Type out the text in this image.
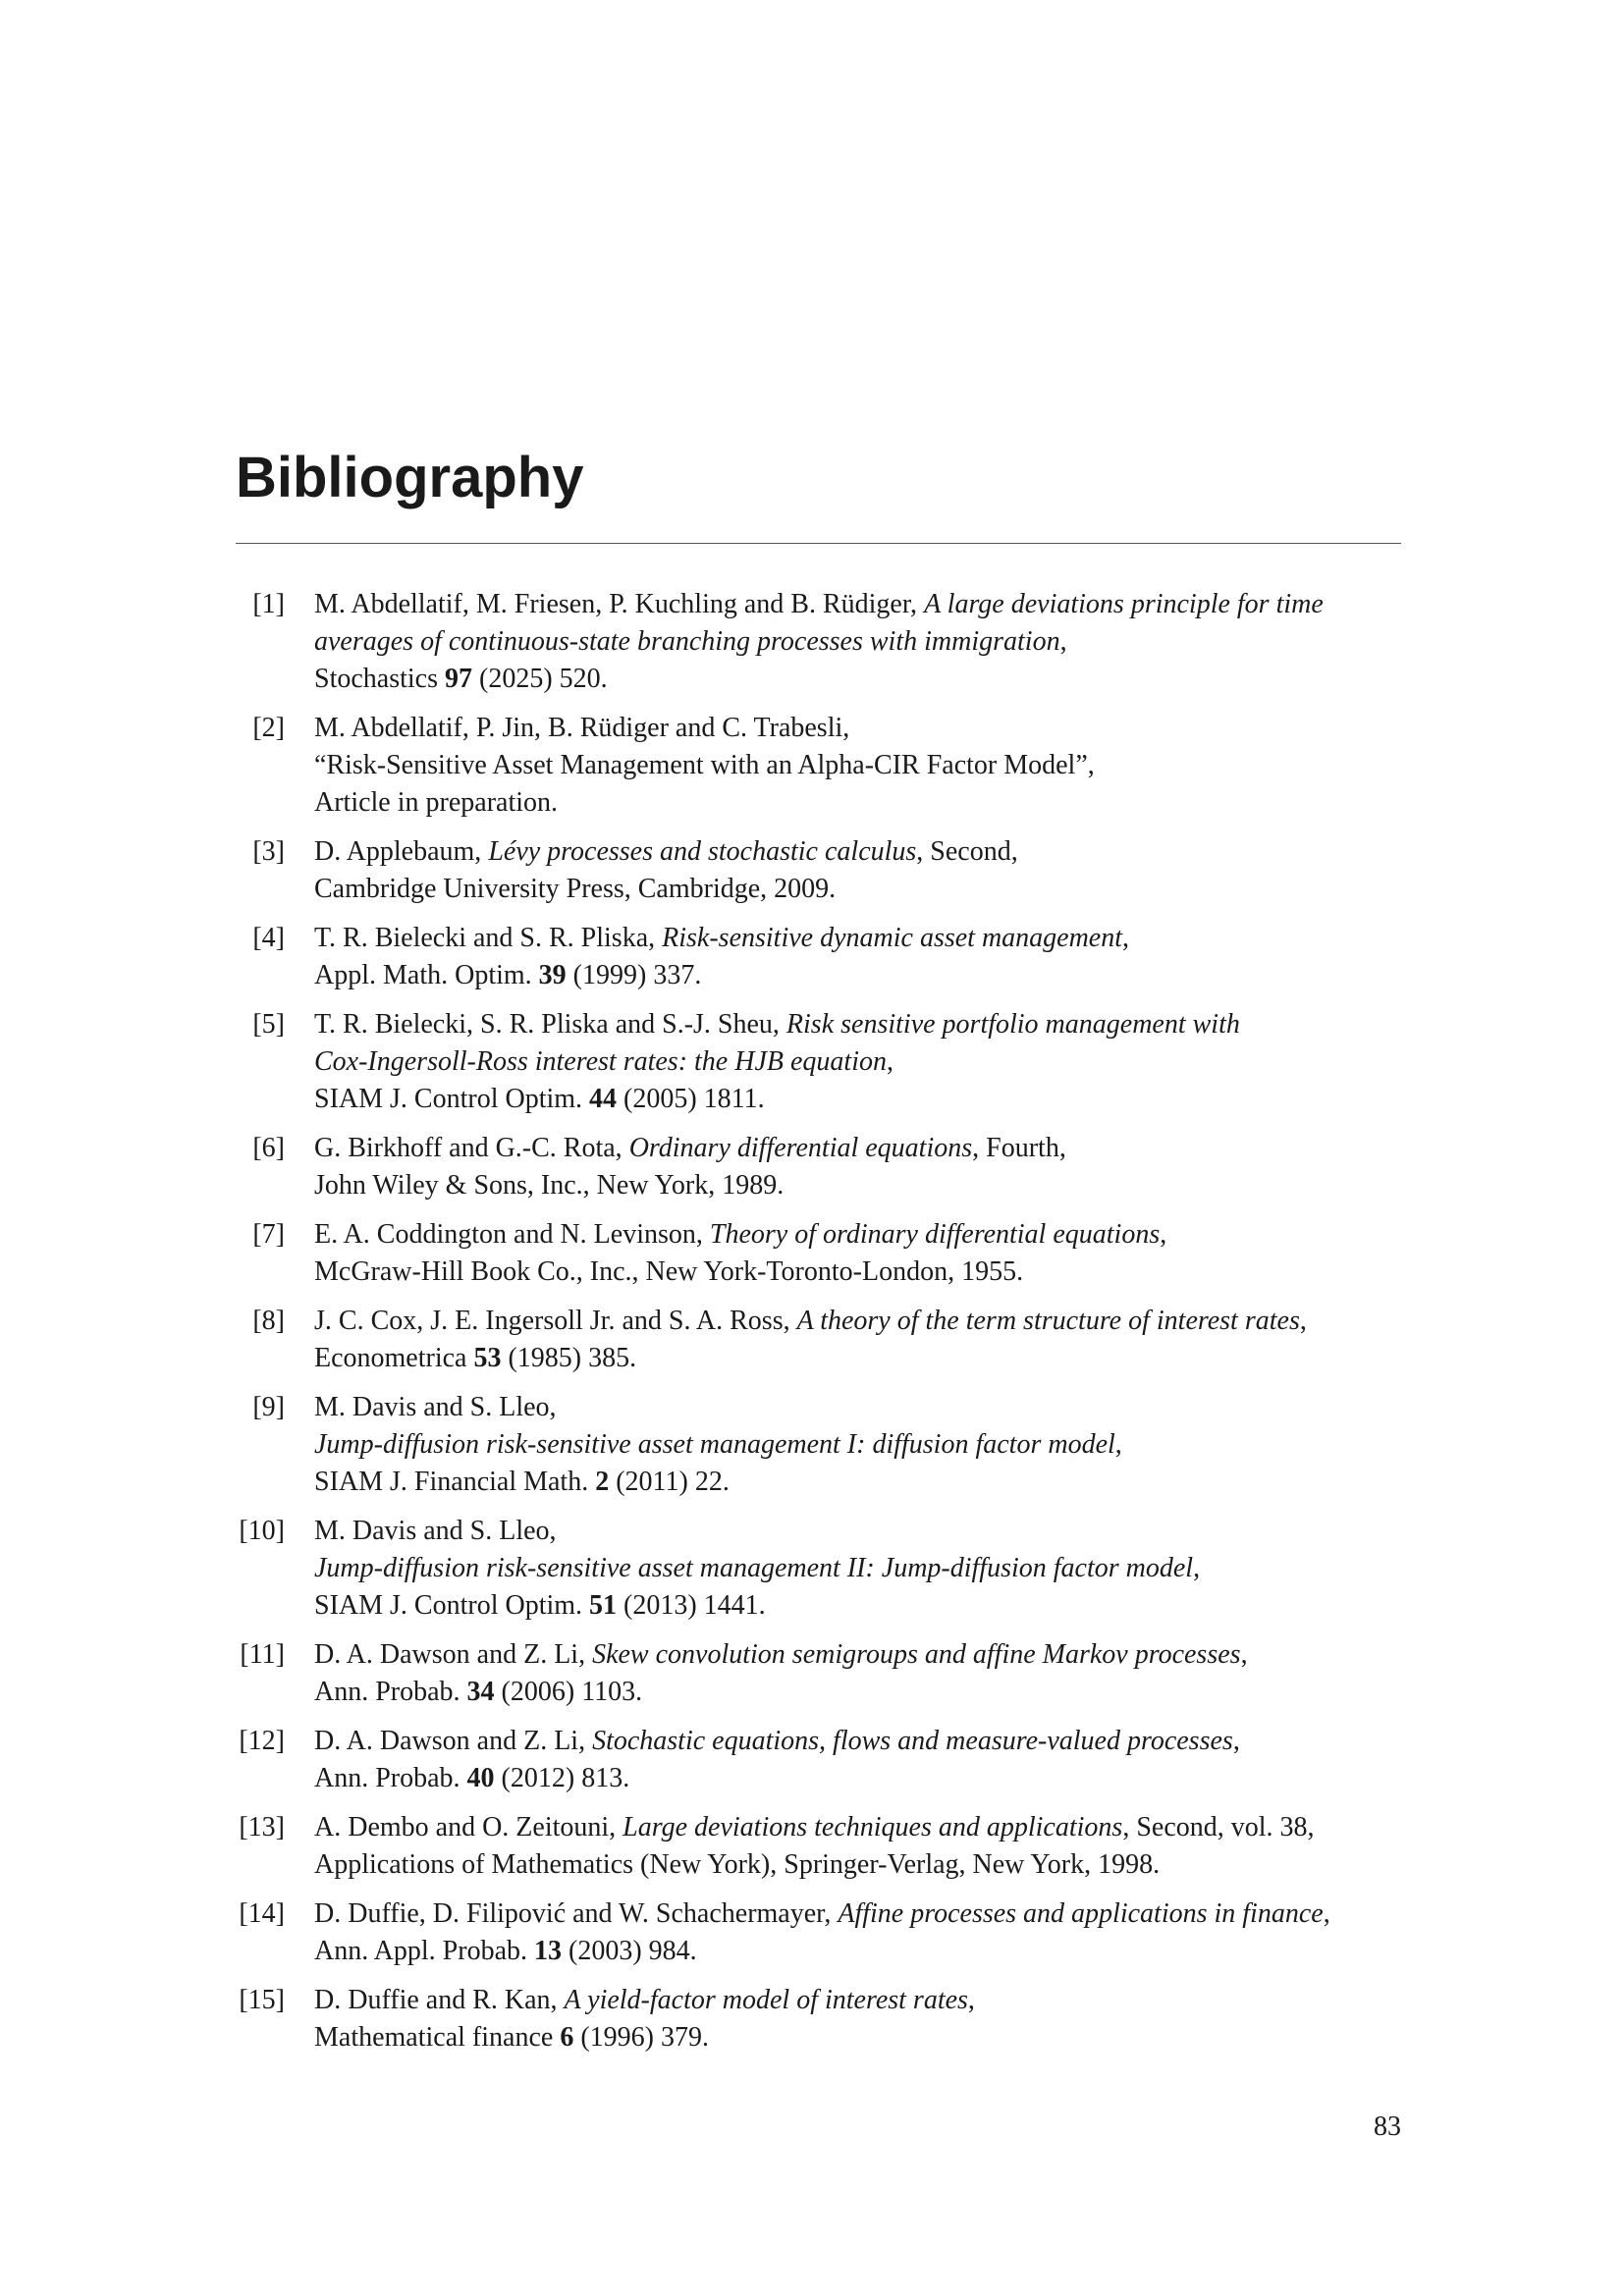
Bibliography
[1] M. Abdellatif, M. Friesen, P. Kuchling and B. Rüdiger, A large deviations principle for time
averages of continuous-state branching processes with immigration,
Stochastics 97 (2025) 520.
[2] M. Abdellatif, P. Jin, B. Rüdiger and C. Trabesli,
“Risk-Sensitive Asset Management with an Alpha-CIR Factor Model”,
Article in preparation.
[3] D. Applebaum, Lévy processes and stochastic calculus, Second,
Cambridge University Press, Cambridge, 2009.
[4] T. R. Bielecki and S. R. Pliska, Risk-sensitive dynamic asset management,
Appl. Math. Optim. 39 (1999) 337.
[5] T. R. Bielecki, S. R. Pliska and S.-J. Sheu, Risk sensitive portfolio management with
Cox-Ingersoll-Ross interest rates: the HJB equation,
SIAM J. Control Optim. 44 (2005) 1811.
[6] G. Birkhoff and G.-C. Rota, Ordinary differential equations, Fourth,
John Wiley & Sons, Inc., New York, 1989.
[7] E. A. Coddington and N. Levinson, Theory of ordinary differential equations,
McGraw-Hill Book Co., Inc., New York-Toronto-London, 1955.
[8] J. C. Cox, J. E. Ingersoll Jr. and S. A. Ross, A theory of the term structure of interest rates,
Econometrica 53 (1985) 385.
[9] M. Davis and S. Lleo,
Jump-diffusion risk-sensitive asset management I: diffusion factor model,
SIAM J. Financial Math. 2 (2011) 22.
[10] M. Davis and S. Lleo,
Jump-diffusion risk-sensitive asset management II: Jump-diffusion factor model,
SIAM J. Control Optim. 51 (2013) 1441.
[11] D. A. Dawson and Z. Li, Skew convolution semigroups and affine Markov processes,
Ann. Probab. 34 (2006) 1103.
[12] D. A. Dawson and Z. Li, Stochastic equations, flows and measure-valued processes,
Ann. Probab. 40 (2012) 813.
[13] A. Dembo and O. Zeitouni, Large deviations techniques and applications, Second, vol. 38,
Applications of Mathematics (New York), Springer-Verlag, New York, 1998.
[14] D. Duffie, D. Filipović and W. Schachermayer, Affine processes and applications in finance,
Ann. Appl. Probab. 13 (2003) 984.
[15] D. Duffie and R. Kan, A yield-factor model of interest rates,
Mathematical finance 6 (1996) 379.
83
